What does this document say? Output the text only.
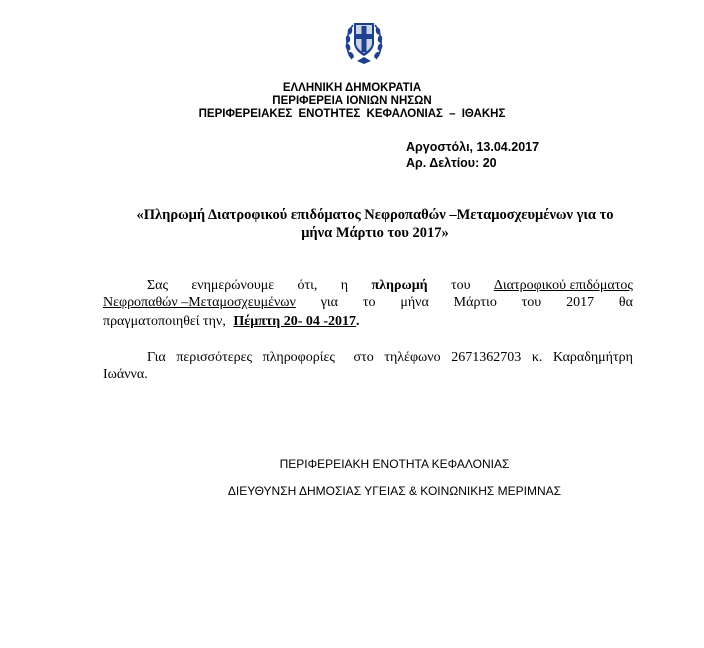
ΕΛΛΗΝΙΚΗ ΔΗΜΟΚΡΑΤΙΑ
ΠΕΡΙΦΕΡΕΙΑ ΙΟΝΙΩΝ ΝΗΣΩΝ
ΠΕΡΙΦΕΡΕΙΑΚΕΣ ΕΝΟΤΗΤΕΣ ΚΕΦΑΛΟΝΙΑΣ – ΙΘΑΚΗΣ
Αργοστόλι, 13.04.2017
Αρ. Δελτίου: 20
«Πληρωμή Διατροφικού επιδόματος Νεφροπαθών –Μεταμοσχευμένων για το
μήνα Μάρτιο του 2017»
Σας ενημερώνουμε ότι, η πληρωμή του Διατροφικού επιδόματος
Νεφροπαθών –Μεταμοσχευμένων για το μήνα Μάρτιο του 2017 θα
πραγματοποιηθεί την, Πέμπτη 20- 04 -2017.
Για περισσότερες πληροφορίες στο τηλέφωνο 2671362703 κ. Καραδημήτρη
Ιωάννα.
ΠΕΡΙΦΕΡΕΙΑΚΗ ΕΝΟΤΗΤΑ ΚΕΦΑΛΟΝΙΑΣ
ΔΙΕΥΘΥΝΣΗ ΔΗΜΟΣΙΑΣ ΥΓΕΙΑΣ & ΚΟΙΝΩΝΙΚΗΣ ΜΕΡΙΜΝΑΣ
